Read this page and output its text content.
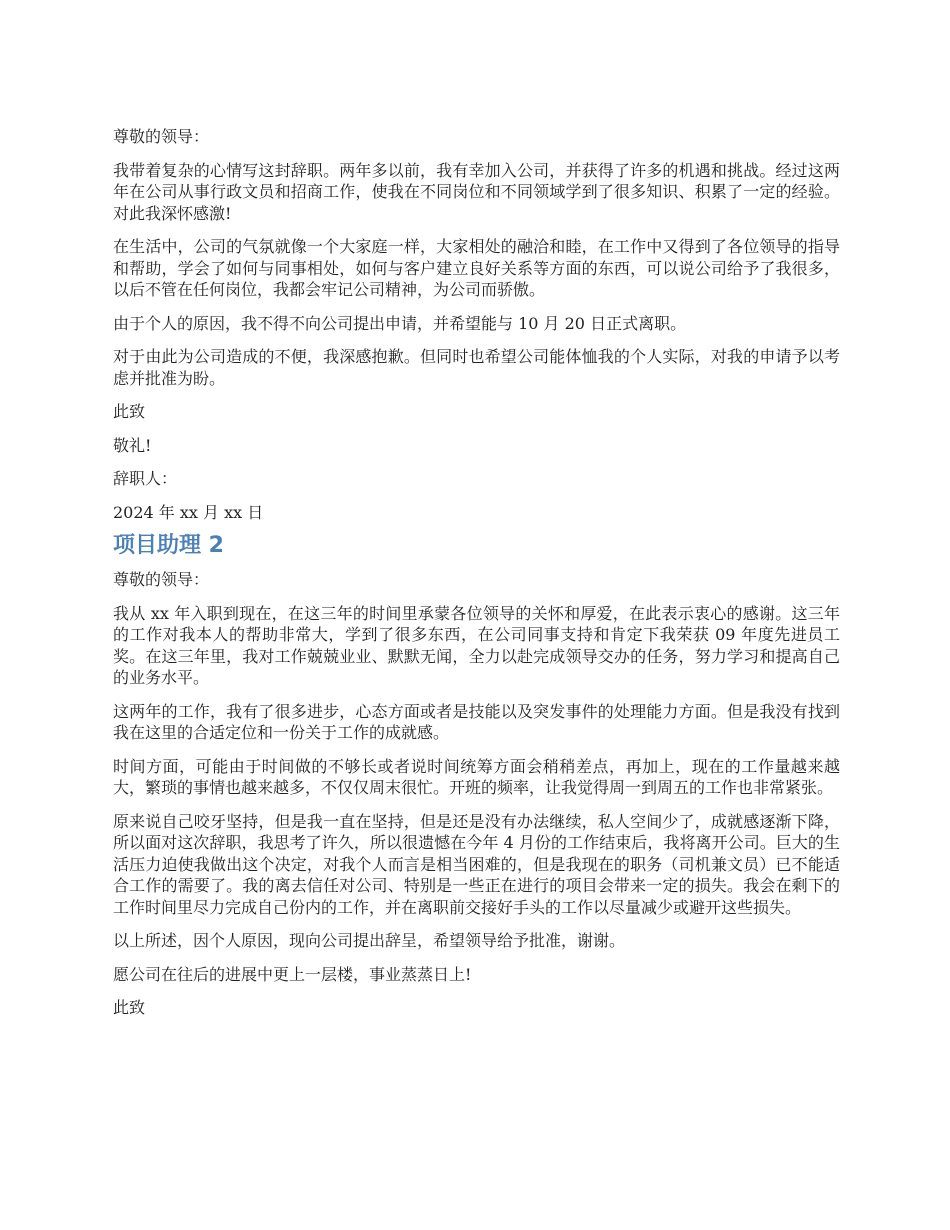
尊敬的领导：

我带着复杂的心情写这封辞职。两年多以前，我有幸加入公司，并获得了许多的机遇和挑战。经过这两年在公司从事行政文员和招商工作，使我在不同岗位和不同领域学到了很多知识、积累了一定的经验。对此我深怀感激!

在生活中，公司的气氛就像一个大家庭一样，大家相处的融洽和睦，在工作中又得到了各位领导的指导和帮助，学会了如何与同事相处，如何与客户建立良好关系等方面的东西，可以说公司给予了我很多，以后不管在任何岗位，我都会牢记公司精神，为公司而骄傲。

由于个人的原因，我不得不向公司提出申请，并希望能与 10 月 20 日正式离职。

对于由此为公司造成的不便，我深感抱歉。但同时也希望公司能体恤我的个人实际，对我的申请予以考虑并批准为盼。

此致

敬礼!

辞职人：

2024 年 xx 月 xx 日

项目助理 2

尊敬的领导：

我从 xx 年入职到现在，在这三年的时间里承蒙各位领导的关怀和厚爱，在此表示衷心的感谢。这三年的工作对我本人的帮助非常大，学到了很多东西，在公司同事支持和肯定下我荣获 09 年度先进员工奖。在这三年里，我对工作兢兢业业、默默无闻，全力以赴完成领导交办的任务，努力学习和提高自己的业务水平。

这两年的工作，我有了很多进步，心态方面或者是技能以及突发事件的处理能力方面。但是我没有找到我在这里的合适定位和一份关于工作的成就感。

时间方面，可能由于时间做的不够长或者说时间统筹方面会稍稍差点，再加上，现在的工作量越来越大，繁琐的事情也越来越多，不仅仅周末很忙。开班的频率，让我觉得周一到周五的工作也非常紧张。

原来说自己咬牙坚持，但是我一直在坚持，但是还是没有办法继续，私人空间少了，成就感逐渐下降，所以面对这次辞职，我思考了许久，所以很遗憾在今年 4 月份的工作结束后，我将离开公司。巨大的生活压力迫使我做出这个决定，对我个人而言是相当困难的，但是我现在的职务（司机兼文员）已不能适合工作的需要了。我的离去信任对公司、特别是一些正在进行的项目会带来一定的损失。我会在剩下的工作时间里尽力完成自己份内的工作，并在离职前交接好手头的工作以尽量减少或避开这些损失。

以上所述，因个人原因，现向公司提出辞呈，希望领导给予批准，谢谢。

愿公司在往后的进展中更上一层楼，事业蒸蒸日上!

此致
